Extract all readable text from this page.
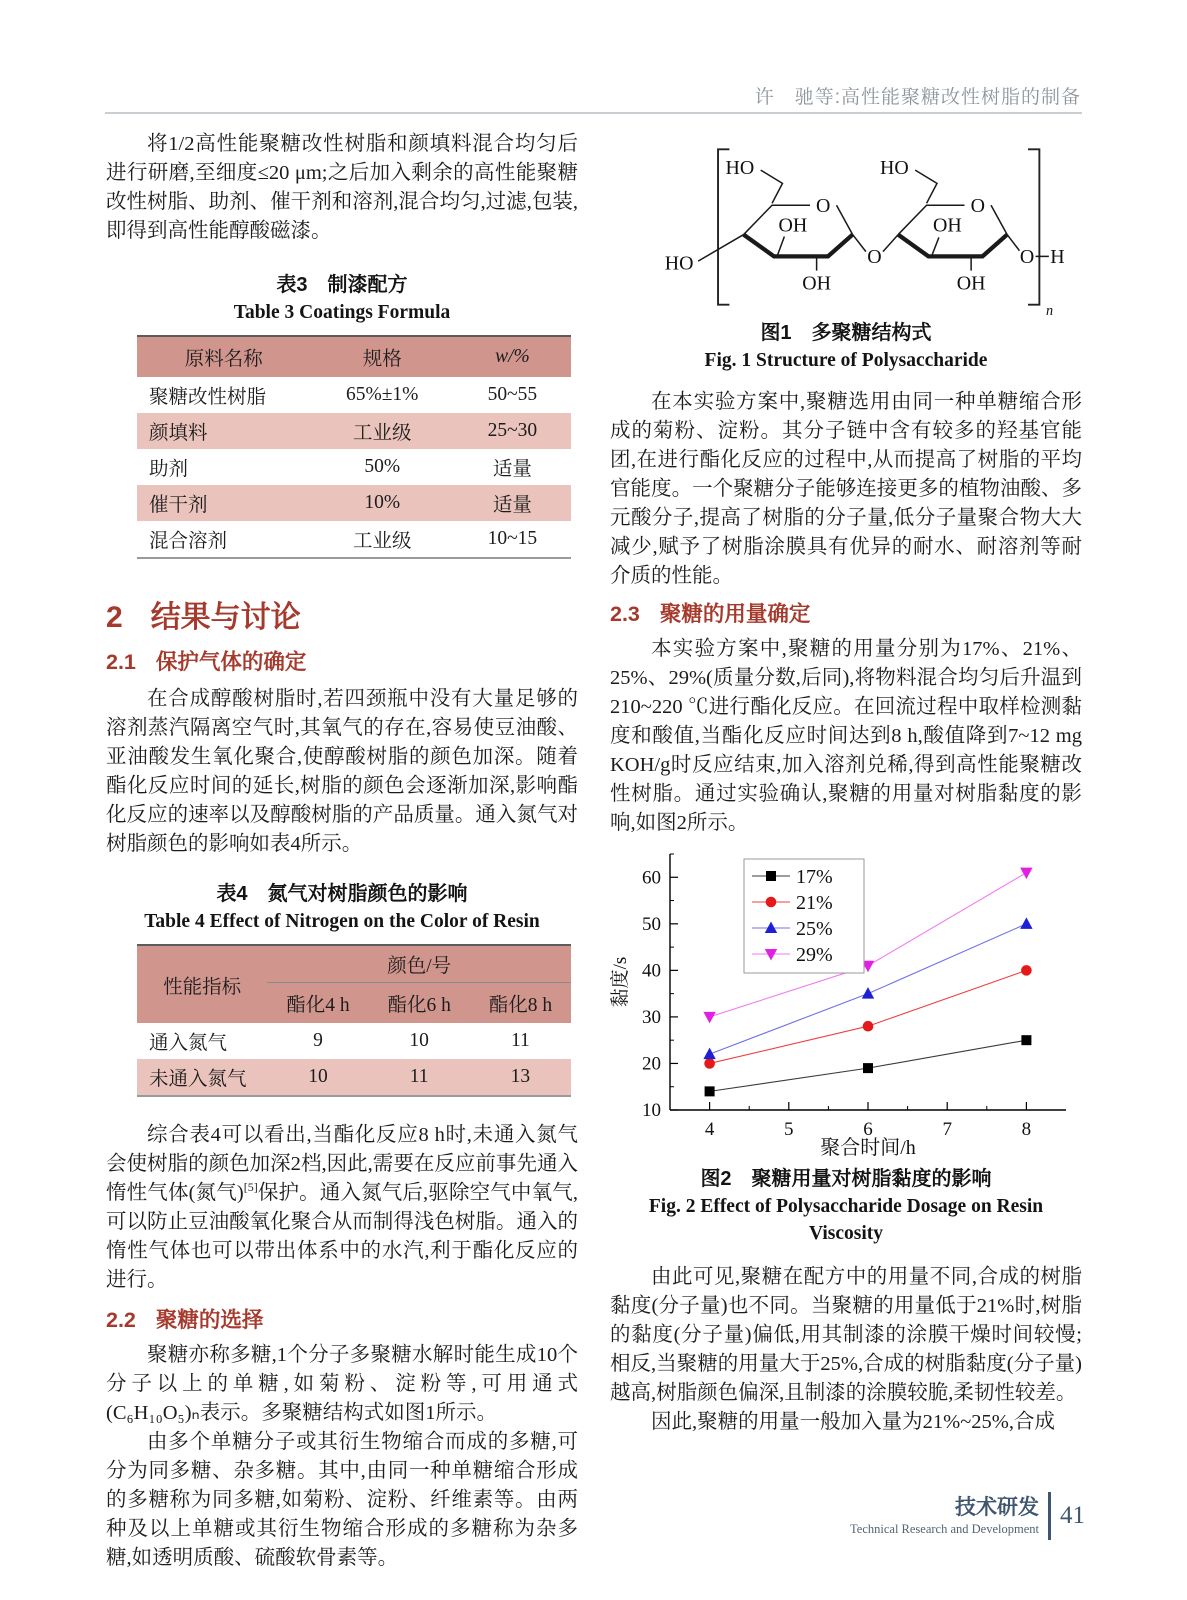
许　驰等:高性能聚糖改性树脂的制备

将1/2高性能聚糖改性树脂和颜填料混合均匀后进行研磨,至细度≤20 μm;之后加入剩余的高性能聚糖改性树脂、助剂、催干剂和溶剂,混合均匀,过滤,包装,即得到高性能醇酸磁漆。

表3　制漆配方
Table 3 Coatings Formula
原料名称	规格	w/%
聚糖改性树脂	65%±1%	50~55
颜填料	工业级	25~30
助剂	50%	适量
催干剂	10%	适量
混合溶剂	工业级	10~15
2 结果与讨论
2.1 保护气体的确定

在合成醇酸树脂时,若四颈瓶中没有大量足够的溶剂蒸汽隔离空气时,其氧气的存在,容易使豆油酸、亚油酸发生氧化聚合,使醇酸树脂的颜色加深。随着酯化反应时间的延长,树脂的颜色会逐渐加深,影响酯化反应的速率以及醇酸树脂的产品质量。通入氮气对树脂颜色的影响如表4所示。

表4　氮气对树脂颜色的影响
Table 4 Effect of Nitrogen on the Color of Resin
性能指标	颜色/号		
	酯化4 h	酯化6 h	酯化8 h
通入氮气	9	10	11
未通入氮气	10	11	13

综合表4可以看出,当酯化反应8 h时,未通入氮气会使树脂的颜色加深2档,因此,需要在反应前事先通入惰性气体(氮气)[5]保护。通入氮气后,驱除空气中氧气,可以防止豆油酸氧化聚合从而制得浅色树脂。通入的惰性气体也可以带出体系中的水汽,利于酯化反应的进行。

2.2 聚糖的选择

聚糖亦称多糖,1个分子多聚糖水解时能生成10个分子以上的单糖,如菊粉、淀粉等,可用通式(C₆H₁₀O₅)ₙ表示。多聚糖结构式如图1所示。

由多个单糖分子或其衍生物缩合而成的多糖,可分为同多糖、杂多糖。其中,由同一种单糖缩合形成的多糖称为同多糖,如菊粉、淀粉、纤维素等。由两种及以上单糖或其衍生物缩合形成的多糖称为杂多糖,如透明质酸、硫酸软骨素等。

n
HO
HO
O
OH
OH
O
HO
O
OH
OH
O H
图1　多聚糖结构式
Fig. 1 Structure of Polysaccharide

在本实验方案中,聚糖选用由同一种单糖缩合形成的菊粉、淀粉。其分子链中含有较多的羟基官能团,在进行酯化反应的过程中,从而提高了树脂的平均官能度。一个聚糖分子能够连接更多的植物油酸、多元酸分子,提高了树脂的分子量,低分子量聚合物大大减少,赋予了树脂涂膜具有优异的耐水、耐溶剂等耐介质的性能。

2.3 聚糖的用量确定

本实验方案中,聚糖的用量分别为17%、21%、25%、29%(质量分数,后同),将物料混合均匀后升温到210~220 ℃进行酯化反应。在回流过程中取样检测黏度和酸值,当酯化反应时间达到8 h,酸值降到7~12 mg KOH/g时反应结束,加入溶剂兑稀,得到高性能聚糖改性树脂。通过实验确认,聚糖的用量对树脂黏度的影响,如图2所示。

4	5	6	7	8
10
20
30
40
50
60
黏度/s
聚合时间/h
17%
21%
25%
29%
图2　聚糖用量对树脂黏度的影响
Fig. 2 Effect of Polysaccharide Dosage on Resin Viscosity

由此可见,聚糖在配方中的用量不同,合成的树脂黏度(分子量)也不同。当聚糖的用量低于21%时,树脂的黏度(分子量)偏低,用其制漆的涂膜干燥时间较慢;相反,当聚糖的用量大于25%,合成的树脂黏度(分子量)越高,树脂颜色偏深,且制漆的涂膜较脆,柔韧性较差。

因此,聚糖的用量一般加入量为21%~25%,合成

技术研发
Technical Research and Development 41
